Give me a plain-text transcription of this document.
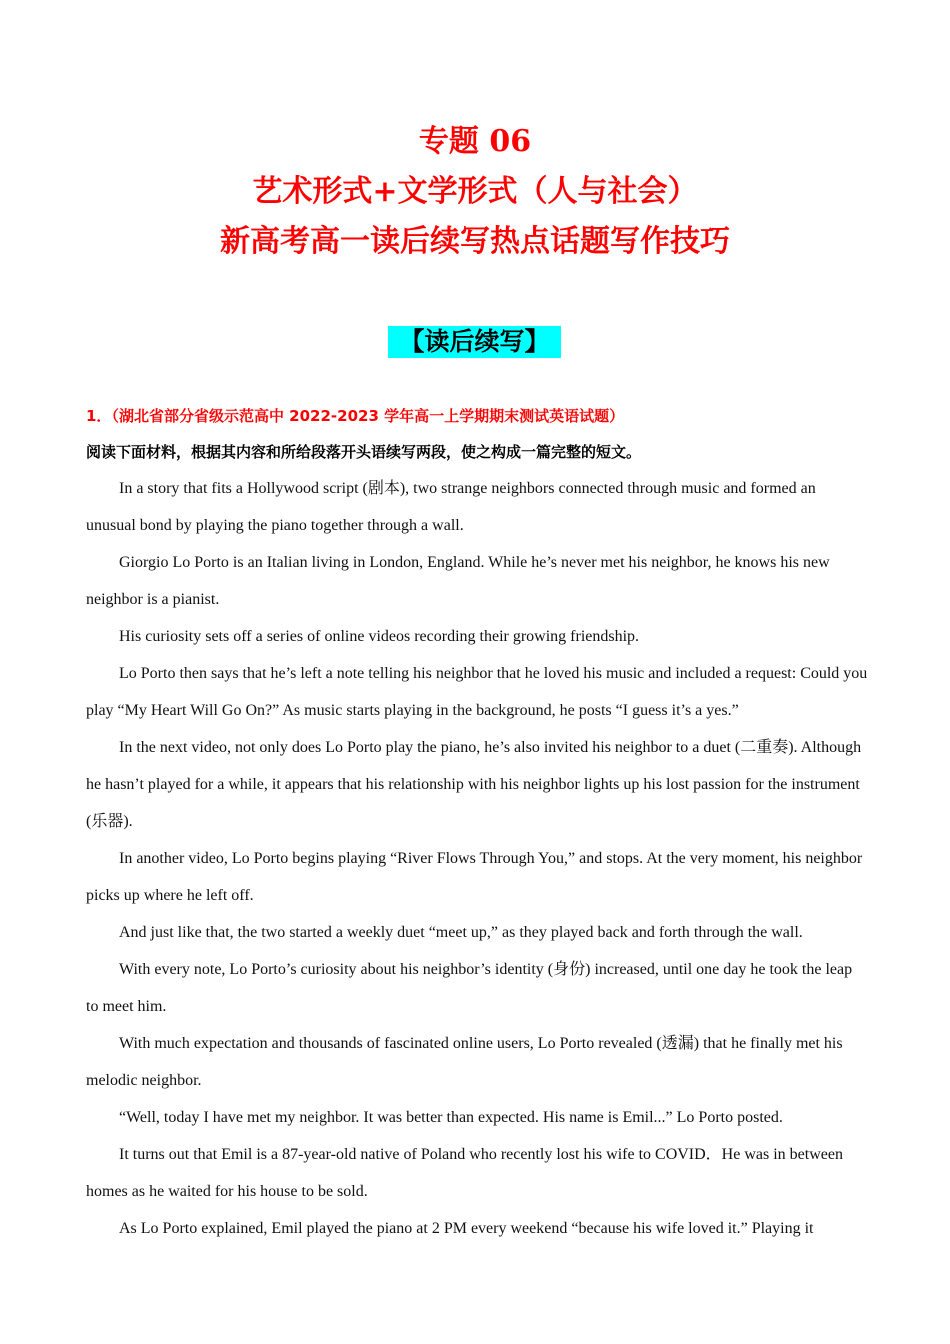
专题 06
艺术形式+文学形式（人与社会）
新高考高一读后续写热点话题写作技巧
【读后续写】
1．（湖北省部分省级示范高中 2022-2023 学年高一上学期期末测试英语试题）
阅读下面材料，根据其内容和所给段落开头语续写两段，使之构成一篇完整的短文。

In a story that fits a Hollywood script (剧本), two strange neighbors connected through music and formed an unusual bond by playing the piano together through a wall.

Giorgio Lo Porto is an Italian living in London, England. While he’s never met his neighbor, he knows his new neighbor is a pianist.

His curiosity sets off a series of online videos recording their growing friendship.

Lo Porto then says that he’s left a note telling his neighbor that he loved his music and included a request: Could you play “My Heart Will Go On?” As music starts playing in the background, he posts “I guess it’s a yes.”

In the next video, not only does Lo Porto play the piano, he’s also invited his neighbor to a duet (二重奏). Although he hasn’t played for a while, it appears that his relationship with his neighbor lights up his lost passion for the instrument (乐器).

In another video, Lo Porto begins playing “River Flows Through You,” and stops. At the very moment, his neighbor picks up where he left off.

And just like that, the two started a weekly duet “meet up,” as they played back and forth through the wall.

With every note, Lo Porto’s curiosity about his neighbor’s identity (身份) increased, until one day he took the leap to meet him.

With much expectation and thousands of fascinated online users, Lo Porto revealed (透漏) that he finally met his melodic neighbor.

“Well, today I have met my neighbor. It was better than expected. His name is Emil...” Lo Porto posted.

It turns out that Emil is a 87-year-old native of Poland who recently lost his wife to COVID．He was in between homes as he waited for his house to be sold.

As Lo Porto explained, Emil played the piano at 2 PM every weekend “because his wife loved it.” Playing it
